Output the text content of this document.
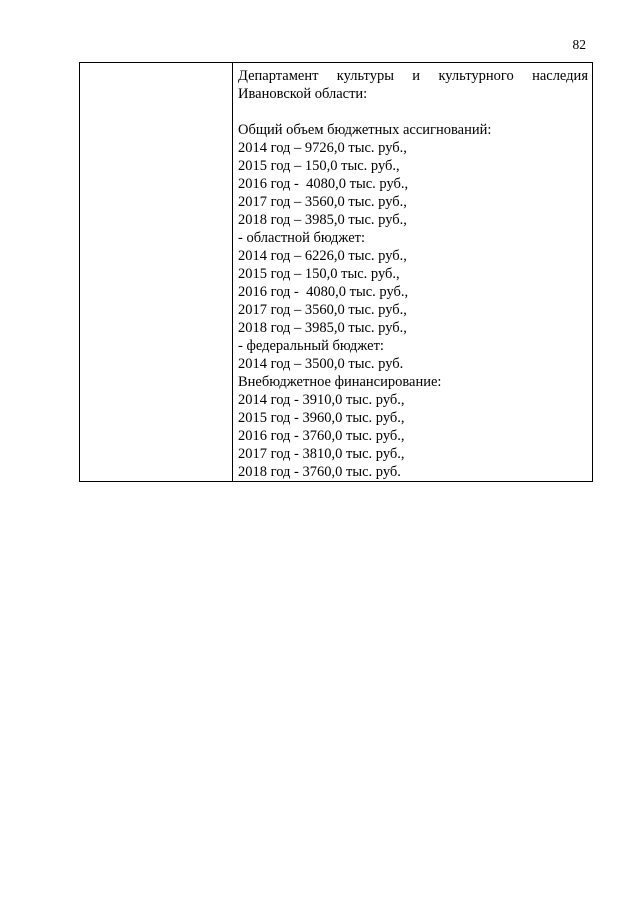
82

Департамент культуры и культурного наследия
Ивановской области:
Общий объем бюджетных ассигнований:
2014 год – 9726,0 тыс. руб.,
2015 год – 150,0 тыс. руб.,
2016 год -  4080,0 тыс. руб.,
2017 год – 3560,0 тыс. руб.,
2018 год – 3985,0 тыс. руб.,
- областной бюджет:
2014 год – 6226,0 тыс. руб.,
2015 год – 150,0 тыс. руб.,
2016 год -  4080,0 тыс. руб.,
2017 год – 3560,0 тыс. руб.,
2018 год – 3985,0 тыс. руб.,
- федеральный бюджет:
2014 год – 3500,0 тыс. руб.
Внебюджетное финансирование:
2014 год - 3910,0 тыс. руб.,
2015 год - 3960,0 тыс. руб.,
2016 год - 3760,0 тыс. руб.,
2017 год - 3810,0 тыс. руб.,
2018 год - 3760,0 тыс. руб.
